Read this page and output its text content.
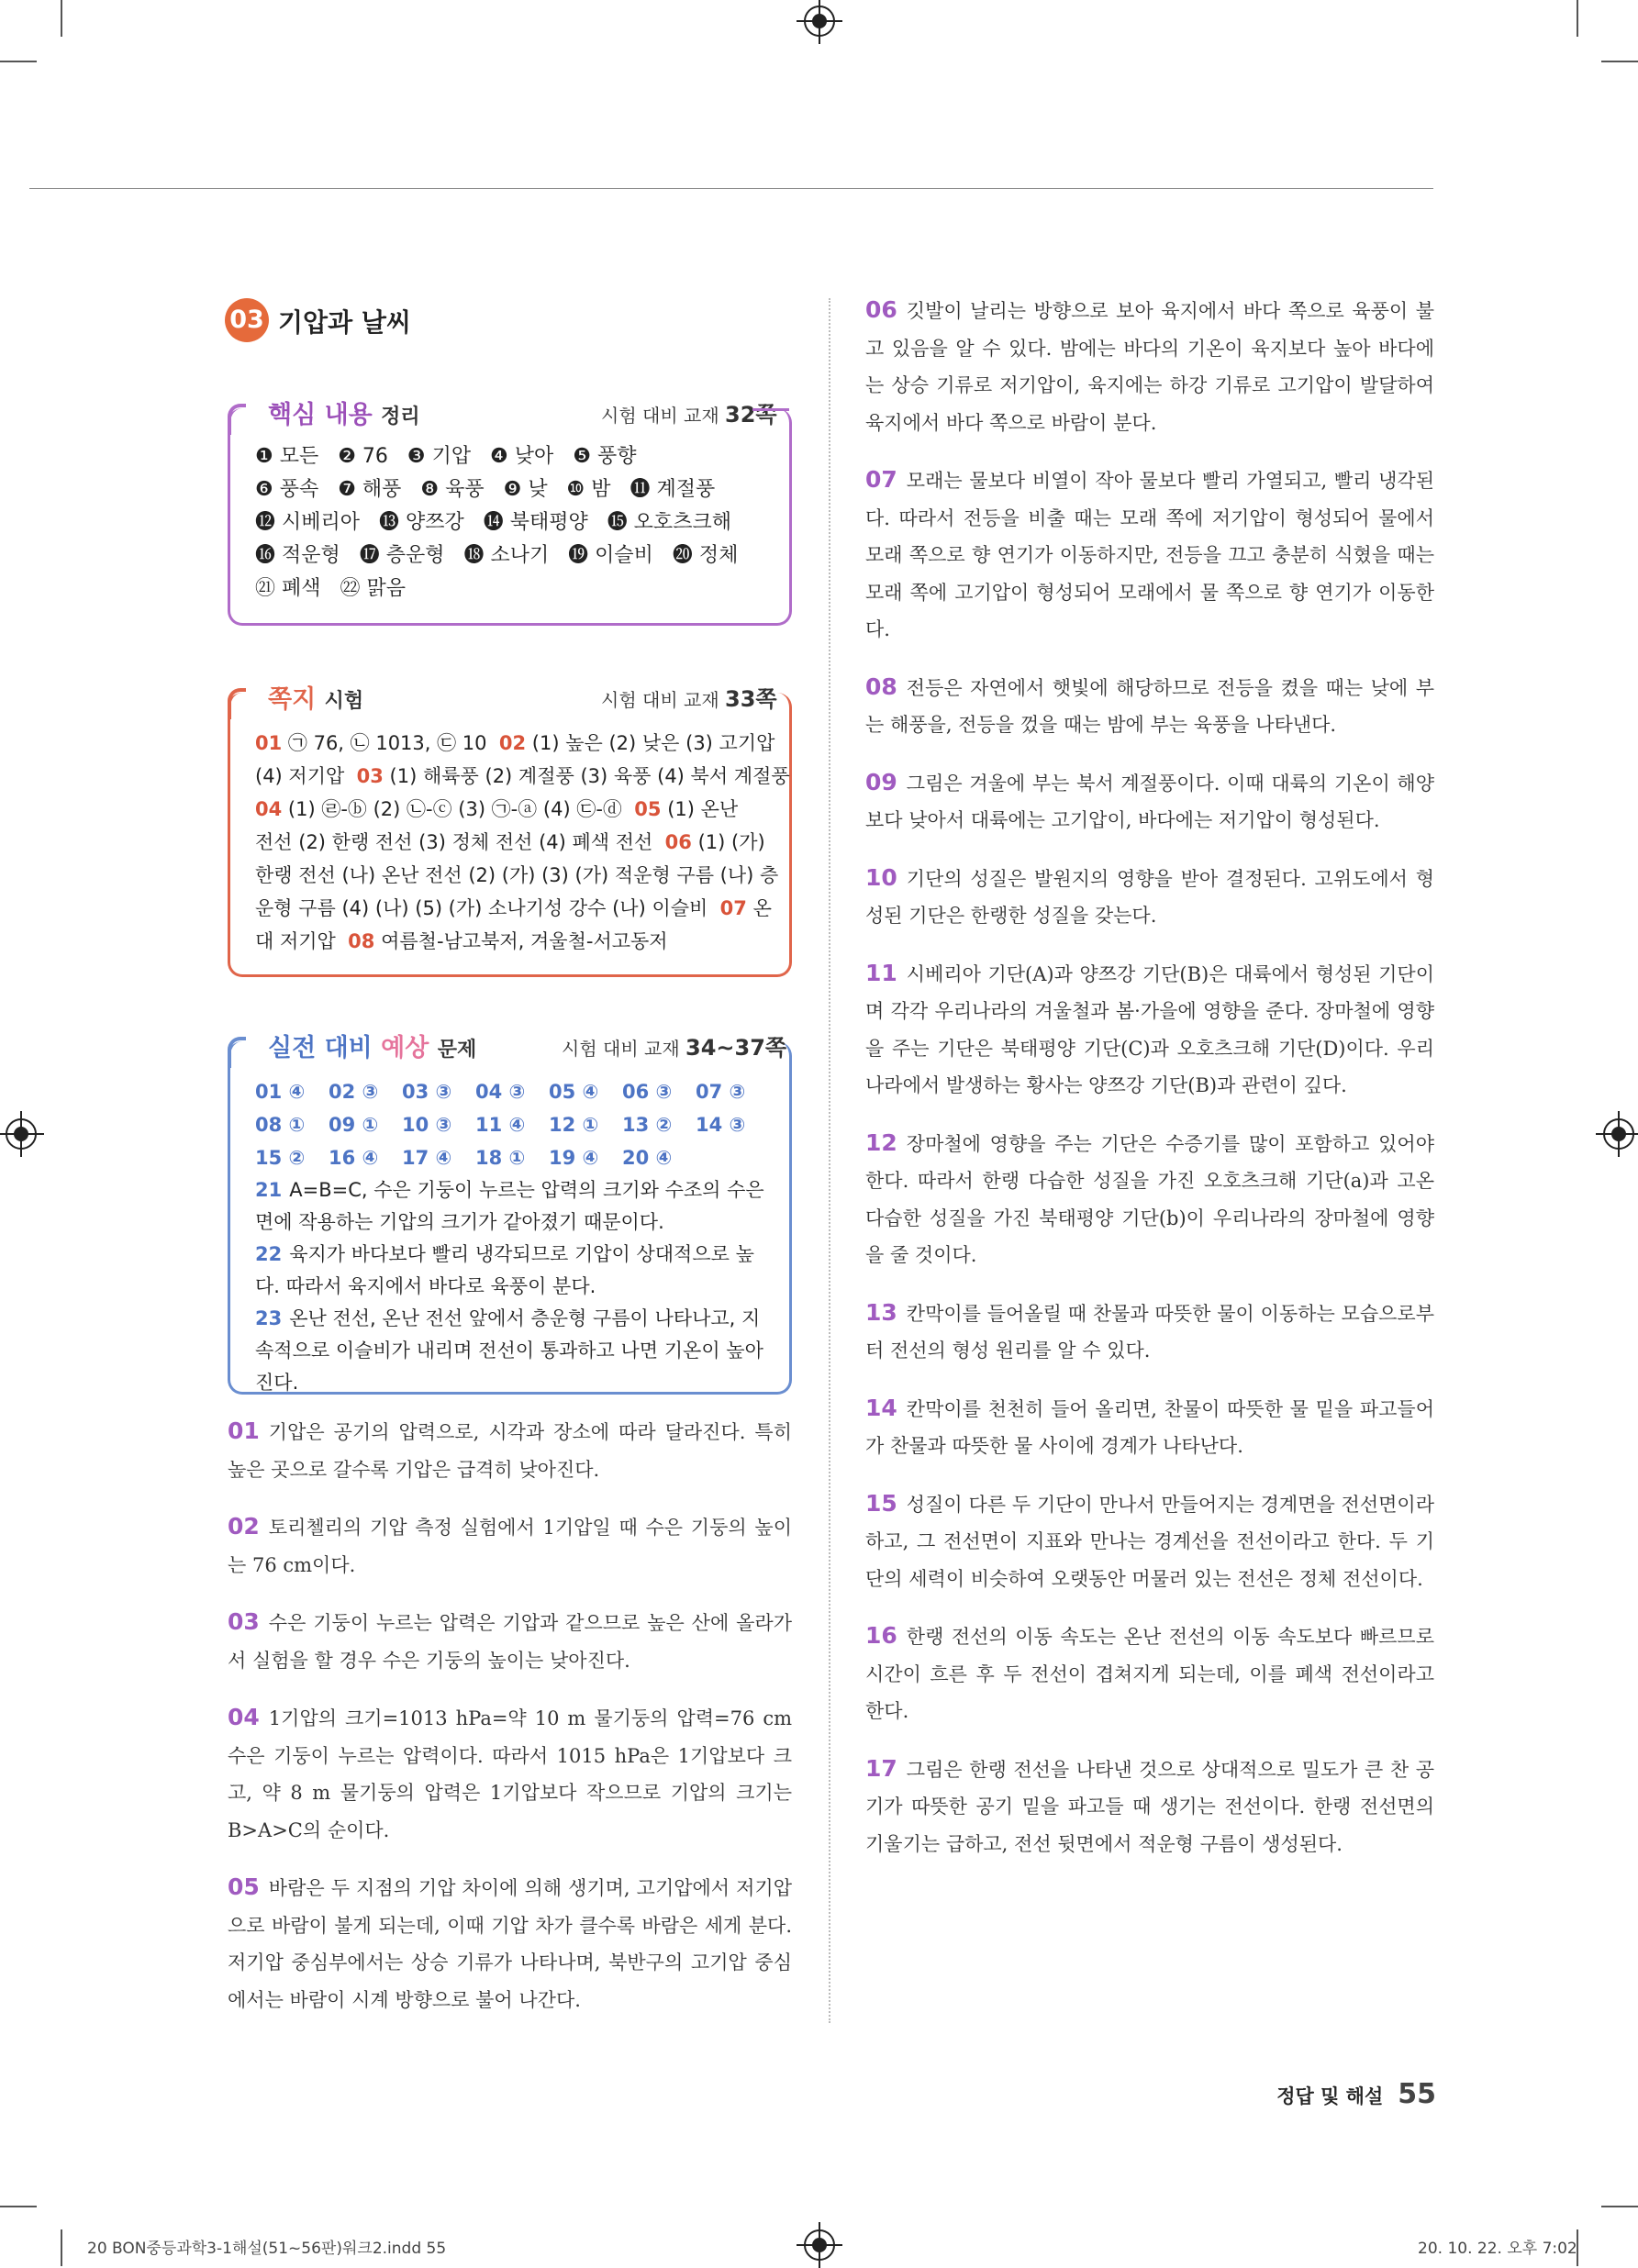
03 기압과 날씨
핵심 내용 정리	시험 대비 교재 32쪽
❶ 모든   ❷ 76   ❸ 기압   ❹ 낮아   ❺ 풍향
❻ 풍속   ❼ 해풍   ❽ 육풍   ❾ 낮   ❿ 밤   ⓫ 계절풍
⓬ 시베리아   ⓭ 양쯔강   ⓮ 북태평양   ⓯ 오호츠크해
⓰ 적운형   ⓱ 층운형   ⓲ 소나기   ⓳ 이슬비   ⓴ 정체
㉑ 폐색   ㉒ 맑음
쪽지 시험	시험 대비 교재 33쪽
01 ㉠ 76, ㉡ 1013, ㉢ 10  02 (1) 높은 (2) 낮은 (3) 고기압
(4) 저기압  03 (1) 해륙풍 (2) 계절풍 (3) 육풍 (4) 북서 계절풍
04 (1) ㉣-ⓑ (2) ㉡-ⓒ (3) ㉠-ⓐ (4) ㉢-ⓓ  05 (1) 온난
전선 (2) 한랭 전선 (3) 정체 전선 (4) 폐색 전선  06 (1) (가)
한랭 전선 (나) 온난 전선 (2) (가) (3) (가) 적운형 구름 (나) 층
운형 구름 (4) (나) (5) (가) 소나기성 강수 (나) 이슬비  07 온
대 저기압  08 여름철-남고북저, 겨울철-서고동저
실전 대비 예상 문제	시험 대비 교재 34~37쪽
01 ④	02 ③	03 ③	04 ③	05 ④	06 ③	07 ③
08 ①	09 ①	10 ③	11 ④	12 ①	13 ②	14 ③
15 ②	16 ④	17 ④	18 ①	19 ④	20 ④
21 A=B=C, 수은 기둥이 누르는 압력의 크기와 수조의 수은 면에 작용하는 기압의 크기가 같아졌기 때문이다.
22 육지가 바다보다 빨리 냉각되므로 기압이 상대적으로 높다. 따라서 육지에서 바다로 육풍이 분다.
23 온난 전선, 온난 전선 앞에서 층운형 구름이 나타나고, 지속적으로 이슬비가 내리며 전선이 통과하고 나면 기온이 높아진다.
01 기압은 공기의 압력으로, 시각과 장소에 따라 달라진다. 특히 높은 곳으로 갈수록 기압은 급격히 낮아진다.
02 토리첼리의 기압 측정 실험에서 1기압일 때 수은 기둥의 높이는 76 cm이다.
03 수은 기둥이 누르는 압력은 기압과 같으므로 높은 산에 올라가서 실험을 할 경우 수은 기둥의 높이는 낮아진다.
04 1기압의 크기=1013 hPa=약 10 m 물기둥의 압력=76 cm 수은 기둥이 누르는 압력이다. 따라서 1015 hPa은 1기압보다 크고, 약 8 m 물기둥의 압력은 1기압보다 작으므로 기압의 크기는 B>A>C의 순이다.
05 바람은 두 지점의 기압 차이에 의해 생기며, 고기압에서 저기압으로 바람이 불게 되는데, 이때 기압 차가 클수록 바람은 세게 분다. 저기압 중심부에서는 상승 기류가 나타나며, 북반구의 고기압 중심에서는 바람이 시계 방향으로 불어 나간다.
06 깃발이 날리는 방향으로 보아 육지에서 바다 쪽으로 육풍이 불고 있음을 알 수 있다. 밤에는 바다의 기온이 육지보다 높아 바다에는 상승 기류로 저기압이, 육지에는 하강 기류로 고기압이 발달하여 육지에서 바다 쪽으로 바람이 분다.
07 모래는 물보다 비열이 작아 물보다 빨리 가열되고, 빨리 냉각된다. 따라서 전등을 비출 때는 모래 쪽에 저기압이 형성되어 물에서 모래 쪽으로 향 연기가 이동하지만, 전등을 끄고 충분히 식혔을 때는 모래 쪽에 고기압이 형성되어 모래에서 물 쪽으로 향 연기가 이동한다.
08 전등은 자연에서 햇빛에 해당하므로 전등을 켰을 때는 낮에 부는 해풍을, 전등을 껐을 때는 밤에 부는 육풍을 나타낸다.
09 그림은 겨울에 부는 북서 계절풍이다. 이때 대륙의 기온이 해양보다 낮아서 대륙에는 고기압이, 바다에는 저기압이 형성된다.
10 기단의 성질은 발원지의 영향을 받아 결정된다. 고위도에서 형성된 기단은 한랭한 성질을 갖는다.
11 시베리아 기단(A)과 양쯔강 기단(B)은 대륙에서 형성된 기단이며 각각 우리나라의 겨울철과 봄·가을에 영향을 준다. 장마철에 영향을 주는 기단은 북태평양 기단(C)과 오호츠크해 기단(D)이다. 우리나라에서 발생하는 황사는 양쯔강 기단(B)과 관련이 깊다.
12 장마철에 영향을 주는 기단은 수증기를 많이 포함하고 있어야 한다. 따라서 한랭 다습한 성질을 가진 오호츠크해 기단(a)과 고온 다습한 성질을 가진 북태평양 기단(b)이 우리나라의 장마철에 영향을 줄 것이다.
13 칸막이를 들어올릴 때 찬물과 따뜻한 물이 이동하는 모습으로부터 전선의 형성 원리를 알 수 있다.
14 칸막이를 천천히 들어 올리면, 찬물이 따뜻한 물 밑을 파고들어가 찬물과 따뜻한 물 사이에 경계가 나타난다.
15 성질이 다른 두 기단이 만나서 만들어지는 경계면을 전선면이라 하고, 그 전선면이 지표와 만나는 경계선을 전선이라고 한다. 두 기단의 세력이 비슷하여 오랫동안 머물러 있는 전선은 정체 전선이다.
16 한랭 전선의 이동 속도는 온난 전선의 이동 속도보다 빠르므로 시간이 흐른 후 두 전선이 겹쳐지게 되는데, 이를 폐색 전선이라고 한다.
17 그림은 한랭 전선을 나타낸 것으로 상대적으로 밀도가 큰 찬 공기가 따뜻한 공기 밑을 파고들 때 생기는 전선이다. 한랭 전선면의 기울기는 급하고, 전선 뒷면에서 적운형 구름이 생성된다.
정답 및 해설 55
20 BON중등과학3-1해설(51~56판)워크2.indd 55	20. 10. 22. 오후 7:02
